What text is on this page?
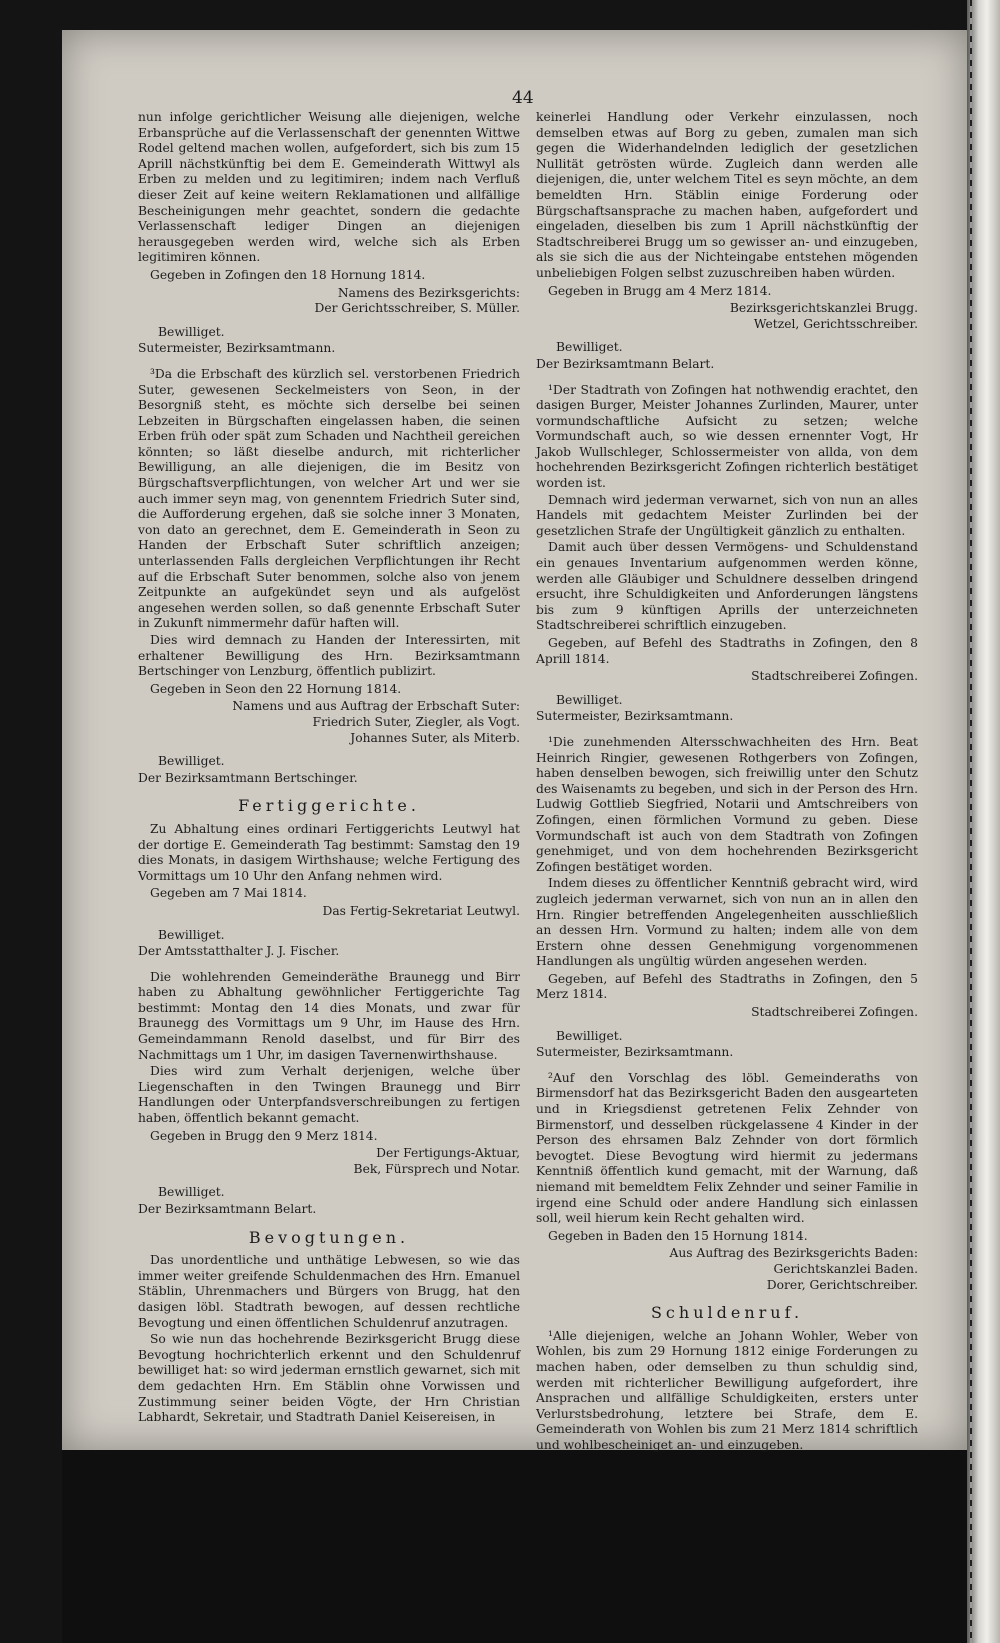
44

nun infolge gerichtlicher Weisung alle diejenigen, welche Erbansprüche auf die Verlassenschaft der genennten Wittwe Rodel geltend machen wollen, aufgefordert, sich bis zum 15 Aprill nächstkünftig bei dem E. Gemeinderath Wittwyl als Erben zu melden und zu legitimiren; indem nach Verfluß dieser Zeit auf keine weitern Reklamationen und allfällige Bescheinigungen mehr geachtet, sondern die gedachte Verlassenschaft lediger Dingen an diejenigen herausgegeben werden wird, welche sich als Erben legitimiren können.

Gegeben in Zofingen den 18 Hornung 1814.

Namens des Bezirksgerichts:
Der Gerichtsschreiber, S. Müller.

Bewilliget.

Sutermeister, Bezirksamtmann.

³Da die Erbschaft des kürzlich sel. verstorbenen Friedrich Suter, gewesenen Seckelmeisters von Seon, in der Besorgniß steht, es möchte sich derselbe bei seinen Lebzeiten in Bürgschaften eingelassen haben, die seinen Erben früh oder spät zum Schaden und Nachtheil gereichen könnten; so läßt dieselbe andurch, mit richterlicher Bewilligung, an alle diejenigen, die im Besitz von Bürgschaftsverpflichtungen, von welcher Art und wer sie auch immer seyn mag, von genenntem Friedrich Suter sind, die Aufforderung ergehen, daß sie solche inner 3 Monaten, von dato an gerechnet, dem E. Gemeinderath in Seon zu Handen der Erbschaft Suter schriftlich anzeigen; unterlassenden Falls dergleichen Verpflichtungen ihr Recht auf die Erbschaft Suter benommen, solche also von jenem Zeitpunkte an aufgekündet seyn und als aufgelöst angesehen werden sollen, so daß genennte Erbschaft Suter in Zukunft nimmermehr dafür haften will.

Dies wird demnach zu Handen der Interessirten, mit erhaltener Bewilligung des Hrn. Bezirksamtmann Bertschinger von Lenzburg, öffentlich publizirt.

Gegeben in Seon den 22 Hornung 1814.

Namens und aus Auftrag der Erbschaft Suter:
Friedrich Suter, Ziegler, als Vogt.
Johannes Suter, als Miterb.

Bewilliget.

Der Bezirksamtmann Bertschinger.

Fertiggerichte.

Zu Abhaltung eines ordinari Fertiggerichts Leutwyl hat der dortige E. Gemeinderath Tag bestimmt: Samstag den 19 dies Monats, in dasigem Wirthshause; welche Fertigung des Vormittags um 10 Uhr den Anfang nehmen wird.

Gegeben am 7 Mai 1814.

Das Fertig-Sekretariat Leutwyl.

Bewilliget.

Der Amtsstatthalter J. J. Fischer.

Die wohlehrenden Gemeinderäthe Braunegg und Birr haben zu Abhaltung gewöhnlicher Fertiggerichte Tag bestimmt: Montag den 14 dies Monats, und zwar für Braunegg des Vormittags um 9 Uhr, im Hause des Hrn. Gemeindammann Renold daselbst, und für Birr des Nachmittags um 1 Uhr, im dasigen Tavernenwirthshause.

Dies wird zum Verhalt derjenigen, welche über Liegenschaften in den Twingen Braunegg und Birr Handlungen oder Unterpfandsverschreibungen zu fertigen haben, öffentlich bekannt gemacht.

Gegeben in Brugg den 9 Merz 1814.

Der Fertigungs-Aktuar,
Bek, Fürsprech und Notar.

Bewilliget.

Der Bezirksamtmann Belart.

Bevogtungen.

Das unordentliche und unthätige Lebwesen, so wie das immer weiter greifende Schuldenmachen des Hrn. Emanuel Stäblin, Uhrenmachers und Bürgers von Brugg, hat den dasigen löbl. Stadtrath bewogen, auf dessen rechtliche Bevogtung und einen öffentlichen Schuldenruf anzutragen.

So wie nun das hochehrende Bezirksgericht Brugg diese Bevogtung hochrichterlich erkennt und den Schuldenruf bewilliget hat: so wird jederman ernstlich gewarnet, sich mit dem gedachten Hrn. Em Stäblin ohne Vorwissen und Zustimmung seiner beiden Vögte, der Hrn Christian Labhardt, Sekretair, und Stadtrath Daniel Keisereisen, in

keinerlei Handlung oder Verkehr einzulassen, noch demselben etwas auf Borg zu geben, zumalen man sich gegen die Widerhandelnden lediglich der gesetzlichen Nullität getrösten würde. Zugleich dann werden alle diejenigen, die, unter welchem Titel es seyn möchte, an dem bemeldten Hrn. Stäblin einige Forderung oder Bürgschaftsansprache zu machen haben, aufgefordert und eingeladen, dieselben bis zum 1 Aprill nächstkünftig der Stadtschreiberei Brugg um so gewisser an- und einzugeben, als sie sich die aus der Nichteingabe entstehen mögenden unbeliebigen Folgen selbst zuzuschreiben haben würden.

Gegeben in Brugg am 4 Merz 1814.

Bezirksgerichtskanzlei Brugg.
Wetzel, Gerichtsschreiber.

Bewilliget.

Der Bezirksamtmann Belart.

¹Der Stadtrath von Zofingen hat nothwendig erachtet, den dasigen Burger, Meister Johannes Zurlinden, Maurer, unter vormundschaftliche Aufsicht zu setzen; welche Vormundschaft auch, so wie dessen ernennter Vogt, Hr Jakob Wullschleger, Schlossermeister von allda, von dem hochehrenden Bezirksgericht Zofingen richterlich bestätiget worden ist.

Demnach wird jederman verwarnet, sich von nun an alles Handels mit gedachtem Meister Zurlinden bei der gesetzlichen Strafe der Ungültigkeit gänzlich zu enthalten.

Damit auch über dessen Vermögens- und Schuldenstand ein genaues Inventarium aufgenommen werden könne, werden alle Gläubiger und Schuldnere desselben dringend ersucht, ihre Schuldigkeiten und Anforderungen längstens bis zum 9 künftigen Aprills der unterzeichneten Stadtschreiberei schriftlich einzugeben.

Gegeben, auf Befehl des Stadtraths in Zofingen, den 8 Aprill 1814.

Stadtschreiberei Zofingen.

Bewilliget.

Sutermeister, Bezirksamtmann.

¹Die zunehmenden Altersschwachheiten des Hrn. Beat Heinrich Ringier, gewesenen Rothgerbers von Zofingen, haben denselben bewogen, sich freiwillig unter den Schutz des Waisenamts zu begeben, und sich in der Person des Hrn. Ludwig Gottlieb Siegfried, Notarii und Amtschreibers von Zofingen, einen förmlichen Vormund zu geben. Diese Vormundschaft ist auch von dem Stadtrath von Zofingen genehmiget, und von dem hochehrenden Bezirksgericht Zofingen bestätiget worden.

Indem dieses zu öffentlicher Kenntniß gebracht wird, wird zugleich jederman verwarnet, sich von nun an in allen den Hrn. Ringier betreffenden Angelegenheiten ausschließlich an dessen Hrn. Vormund zu halten; indem alle von dem Erstern ohne dessen Genehmigung vorgenommenen Handlungen als ungültig würden angesehen werden.

Gegeben, auf Befehl des Stadtraths in Zofingen, den 5 Merz 1814.

Stadtschreiberei Zofingen.

Bewilliget.

Sutermeister, Bezirksamtmann.

²Auf den Vorschlag des löbl. Gemeinderaths von Birmensdorf hat das Bezirksgericht Baden den ausgearteten und in Kriegsdienst getretenen Felix Zehnder von Birmenstorf, und desselben rückgelassene 4 Kinder in der Person des ehrsamen Balz Zehnder von dort förmlich bevogtet. Diese Bevogtung wird hiermit zu jedermans Kenntniß öffentlich kund gemacht, mit der Warnung, daß niemand mit bemeldtem Felix Zehnder und seiner Familie in irgend eine Schuld oder andere Handlung sich einlassen soll, weil hierum kein Recht gehalten wird.

Gegeben in Baden den 15 Hornung 1814.

Aus Auftrag des Bezirksgerichts Baden:
Gerichtskanzlei Baden.
Dorer, Gerichtschreiber.

Schuldenruf.

¹Alle diejenigen, welche an Johann Wohler, Weber von Wohlen, bis zum 29 Hornung 1812 einige Forderungen zu machen haben, oder demselben zu thun schuldig sind, werden mit richterlicher Bewilligung aufgefordert, ihre Ansprachen und allfällige Schuldigkeiten, ersters unter Verlurstsbedrohung, letztere bei Strafe, dem E. Gemeinderath von Wohlen bis zum 21 Merz 1814 schriftlich und wohlbescheiniget an- und einzugeben.
